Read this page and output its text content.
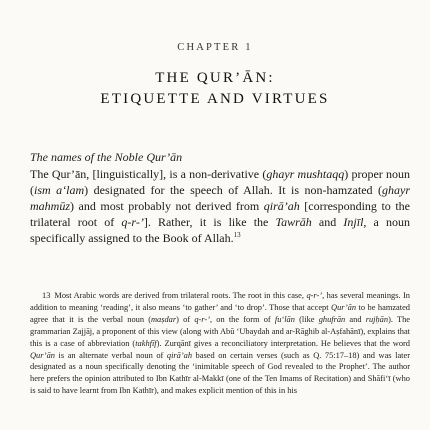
CHAPTER 1
THE QUR’ĀN:
ETIQUETTE AND VIRTUES
The names of the Noble Qur’ān
The Qur’ān, [linguistically], is a non-derivative (ghayr mushtaqq) proper noun (ism a‘lam) designated for the speech of Allah. It is non-hamzated (ghayr mahmūz) and most probably not derived from qirā’ah [corresponding to the trilateral root of q-r-’]. Rather, it is like the Tawrāh and Injīl, a noun specifically assigned to the Book of Allah.$^{13}$
13 Most Arabic words are derived from trilateral roots. The root in this case, q-r-’, has several meanings. In addition to meaning ‘reading’, it also means ‘to gather’ and ‘to drop’. Those that accept Qur’ān to be hamzated agree that it is the verbal noun (maṣdar) of q-r-’, on the form of fu‘lān (like ghufrān and rujḥān). The grammarian Zajjāj, a proponent of this view (along with Abū ‘Ubaydah and ar-Rāghib al-Aṣfahānī), explains that this is a case of abbreviation (takhfīf). Zurqānī gives a reconciliatory interpretation. He believes that the word Qur’ān is an alternate verbal noun of qirā’ah based on certain verses (such as Q. 75:17–18) and was later designated as a noun specifically denoting the ‘inimitable speech of God revealed to the Prophet’. The author here prefers the opinion attributed to Ibn Kathīr al-Makkī (one of the Ten Imams of Recitation) and Shāfi‘ī (who is said to have learnt from Ibn Kathīr), and makes explicit mention of this in his
